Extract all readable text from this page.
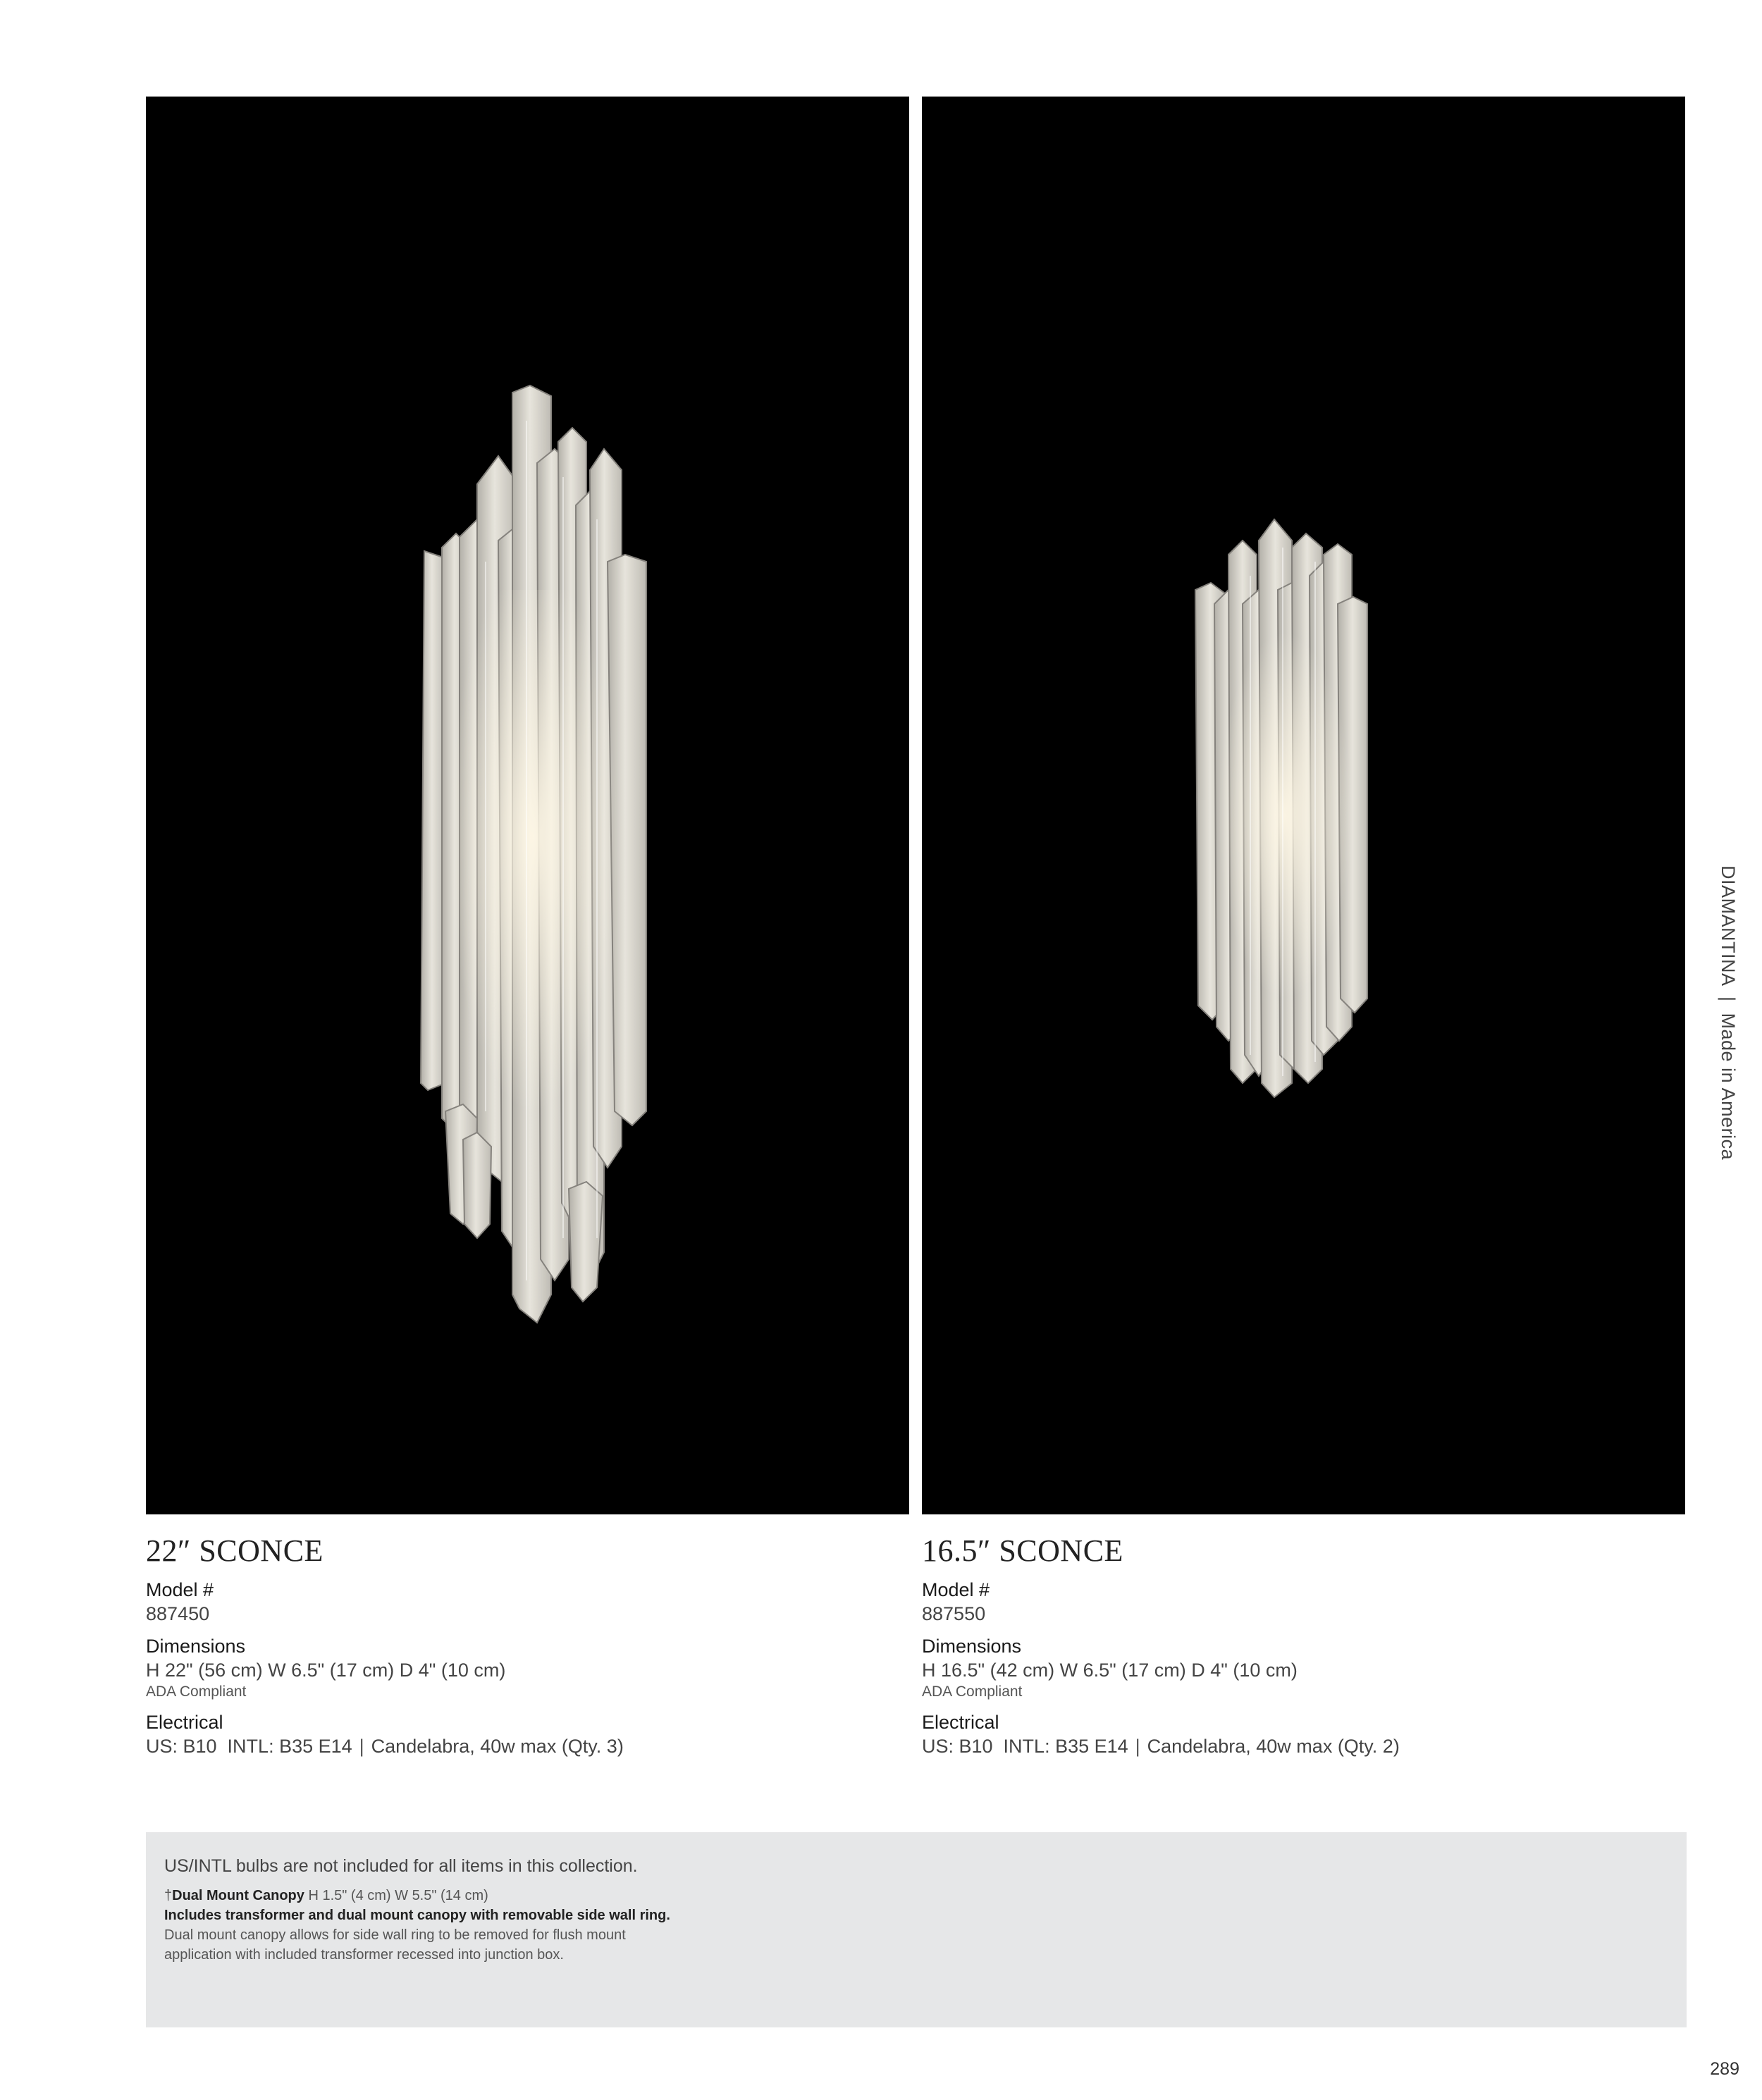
22″ SCONCE
Model #
887450
Dimensions
H 22" (56 cm) W 6.5" (17 cm) D 4" (10 cm)
ADA Compliant
Electrical
US: B10  INTL: B35 E14 | Candelabra, 40w max (Qty. 3)
16.5″ SCONCE
Model #
887550
Dimensions
H 16.5" (42 cm) W 6.5" (17 cm) D 4" (10 cm)
ADA Compliant
Electrical
US: B10  INTL: B35 E14 | Candelabra, 40w max (Qty. 2)
DIAMANTINA  |  Made in America
US/INTL bulbs are not included for all items in this collection.
†Dual Mount Canopy H 1.5" (4 cm) W 5.5" (14 cm)
Includes transformer and dual mount canopy with removable side wall ring.
Dual mount canopy allows for side wall ring to be removed for flush mount
application with included transformer recessed into junction box.
289
